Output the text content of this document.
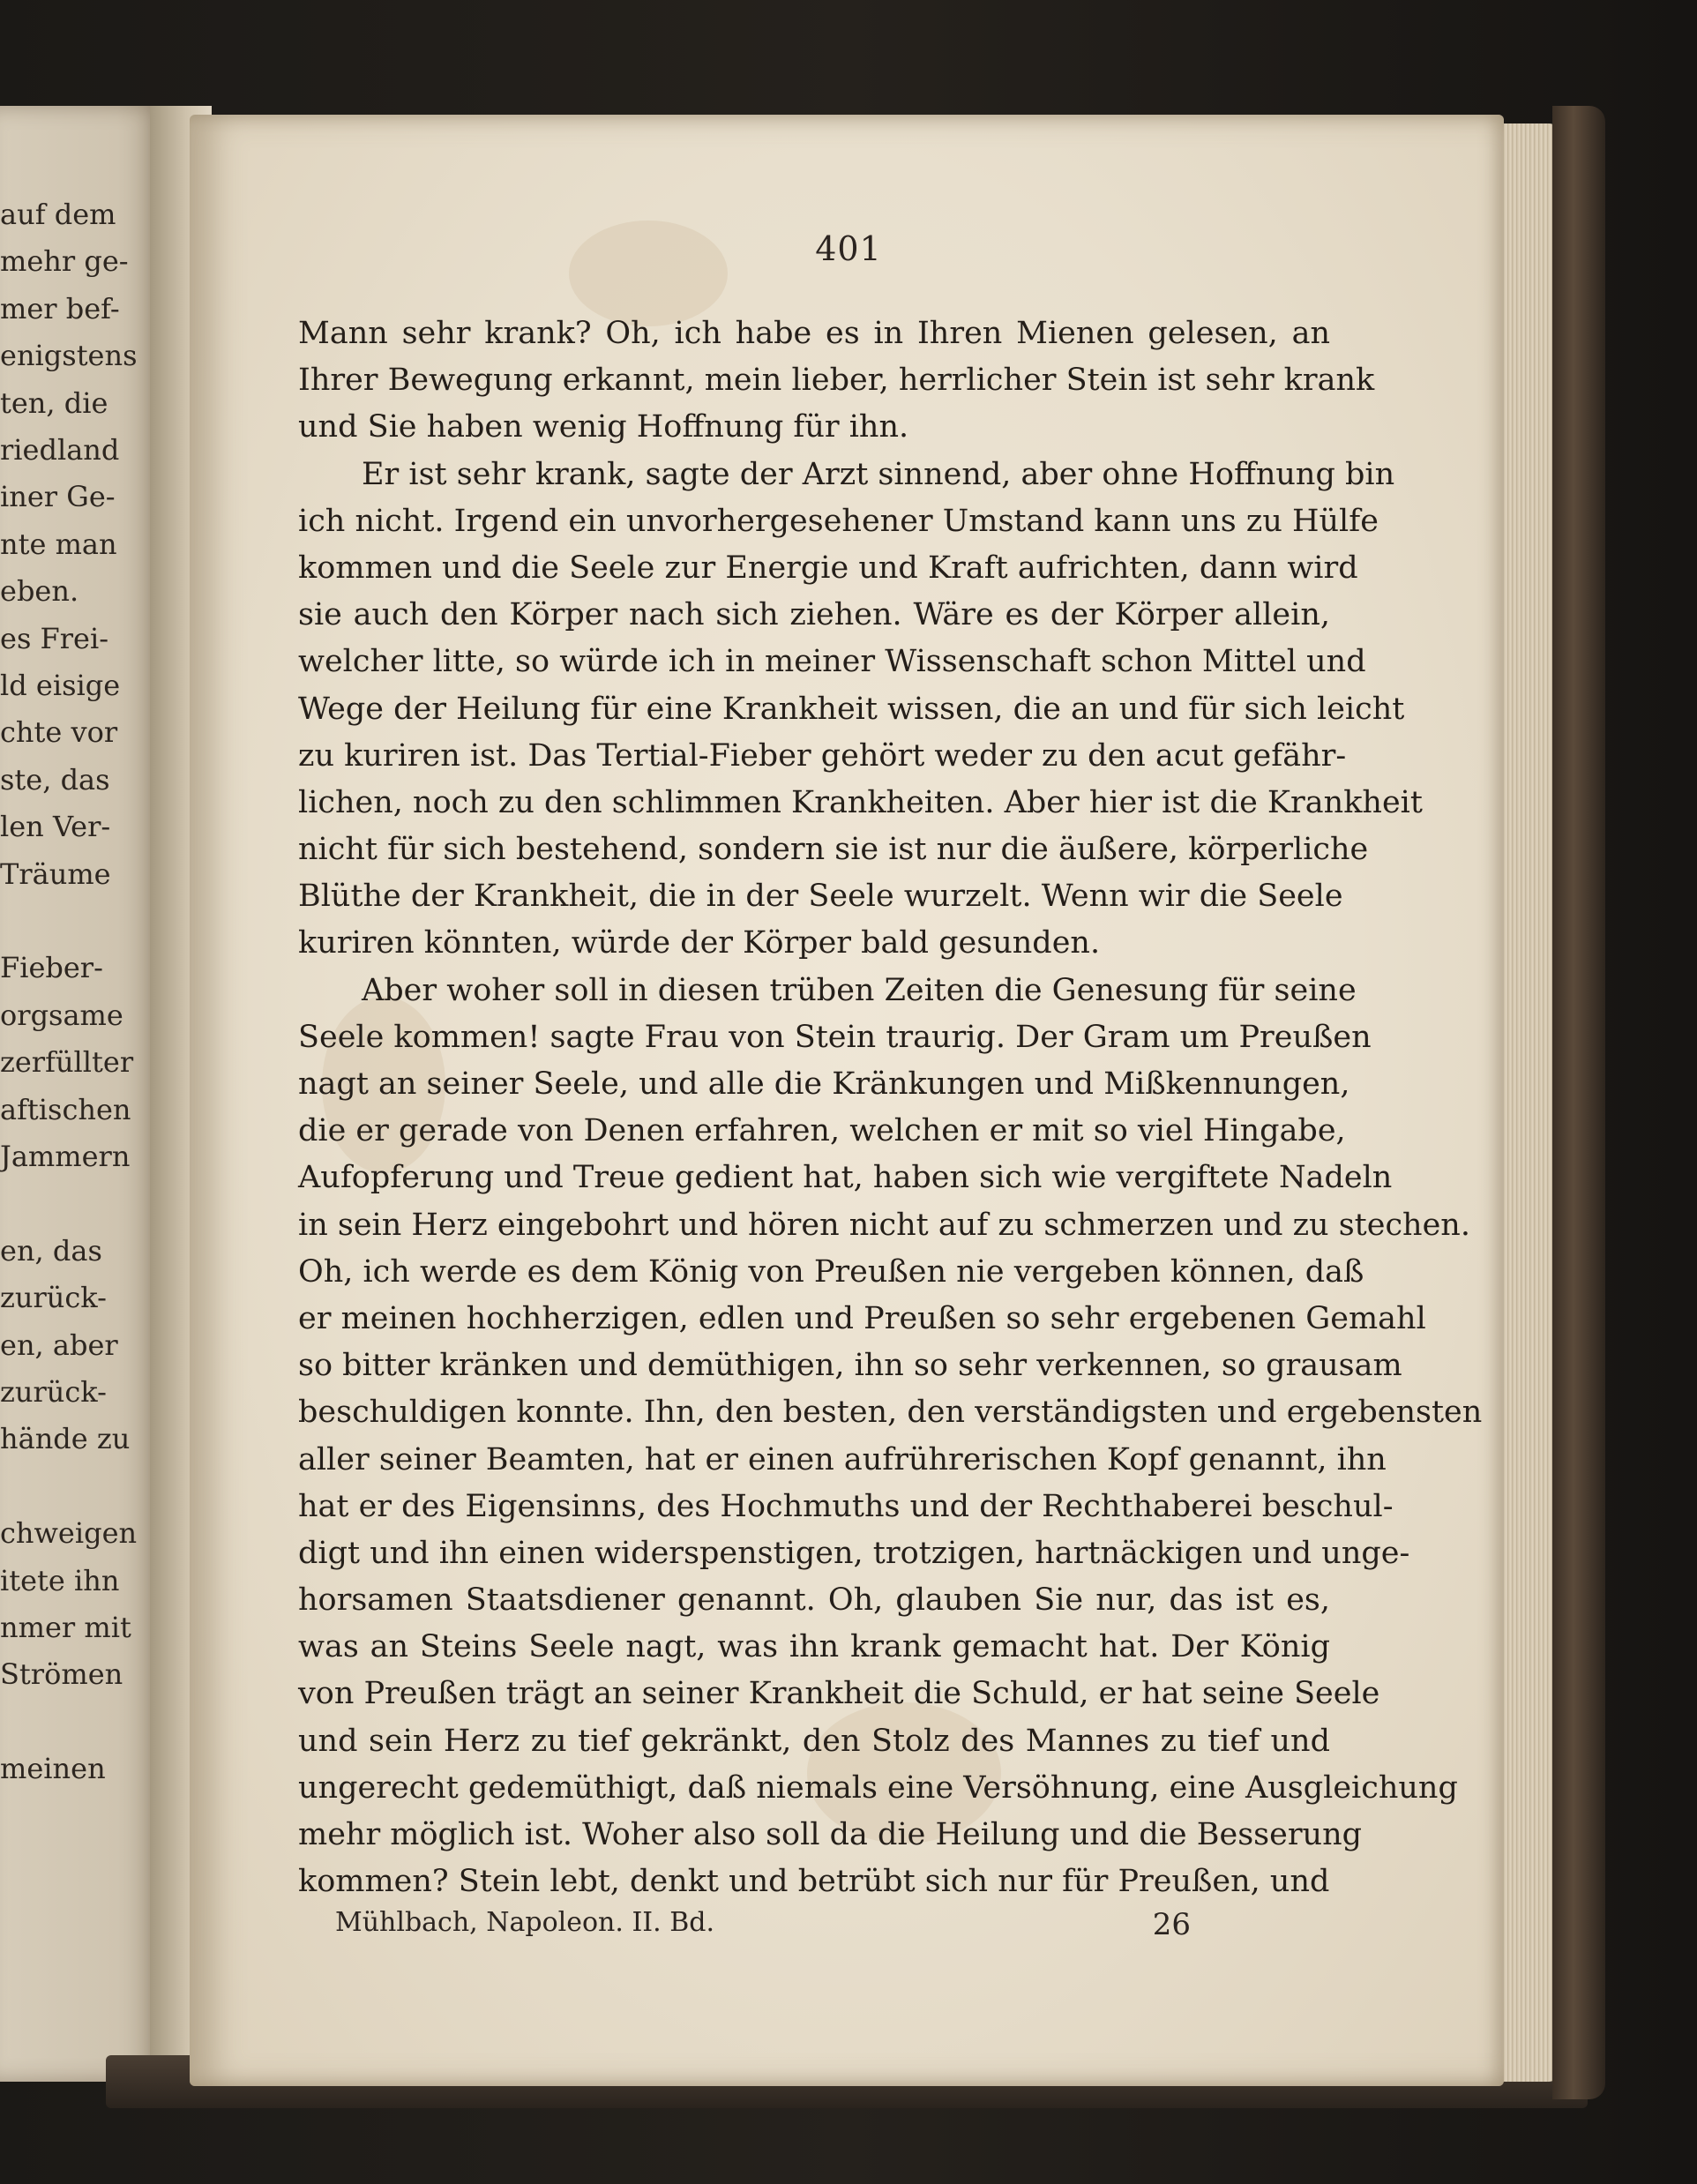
auf dem
mehr ge-
mer bef-
enigstens
ten, die
riedland
iner Ge-
nte man
eben.
es Frei-
ld eisige
chte vor
ste, das
len Ver-
Träume
Fieber-
orgsame
zerfüllter
aftischen
Jammern
en, das
zurück-
en, aber
zurück-
hände zu
chweigen
itete ihn
nmer mit
Strömen
meinen
401
Mann sehr krank? Oh, ich habe es in Ihren Mienen gelesen, an
Ihrer Bewegung erkannt, mein lieber, herrlicher Stein ist sehr krank
und Sie haben wenig Hoffnung für ihn.
Er ist sehr krank, sagte der Arzt sinnend, aber ohne Hoffnung bin
ich nicht. Irgend ein unvorhergesehener Umstand kann uns zu Hülfe
kommen und die Seele zur Energie und Kraft aufrichten, dann wird
sie auch den Körper nach sich ziehen. Wäre es der Körper allein,
welcher litte, so würde ich in meiner Wissenschaft schon Mittel und
Wege der Heilung für eine Krankheit wissen, die an und für sich leicht
zu kuriren ist. Das Tertial-Fieber gehört weder zu den acut gefähr-
lichen, noch zu den schlimmen Krankheiten. Aber hier ist die Krankheit
nicht für sich bestehend, sondern sie ist nur die äußere, körperliche
Blüthe der Krankheit, die in der Seele wurzelt. Wenn wir die Seele
kuriren könnten, würde der Körper bald gesunden.
Aber woher soll in diesen trüben Zeiten die Genesung für seine
Seele kommen! sagte Frau von Stein traurig. Der Gram um Preußen
nagt an seiner Seele, und alle die Kränkungen und Mißkennungen,
die er gerade von Denen erfahren, welchen er mit so viel Hingabe,
Aufopferung und Treue gedient hat, haben sich wie vergiftete Nadeln
in sein Herz eingebohrt und hören nicht auf zu schmerzen und zu stechen.
Oh, ich werde es dem König von Preußen nie vergeben können, daß
er meinen hochherzigen, edlen und Preußen so sehr ergebenen Gemahl
so bitter kränken und demüthigen, ihn so sehr verkennen, so grausam
beschuldigen konnte. Ihn, den besten, den verständigsten und ergebensten
aller seiner Beamten, hat er einen aufrührerischen Kopf genannt, ihn
hat er des Eigensinns, des Hochmuths und der Rechthaberei beschul-
digt und ihn einen widerspenstigen, trotzigen, hartnäckigen und unge-
horsamen Staatsdiener genannt. Oh, glauben Sie nur, das ist es,
was an Steins Seele nagt, was ihn krank gemacht hat. Der König
von Preußen trägt an seiner Krankheit die Schuld, er hat seine Seele
und sein Herz zu tief gekränkt, den Stolz des Mannes zu tief und
ungerecht gedemüthigt, daß niemals eine Versöhnung, eine Ausgleichung
mehr möglich ist. Woher also soll da die Heilung und die Besserung
kommen? Stein lebt, denkt und betrübt sich nur für Preußen, und
Mühlbach, Napoleon. II. Bd.	26
